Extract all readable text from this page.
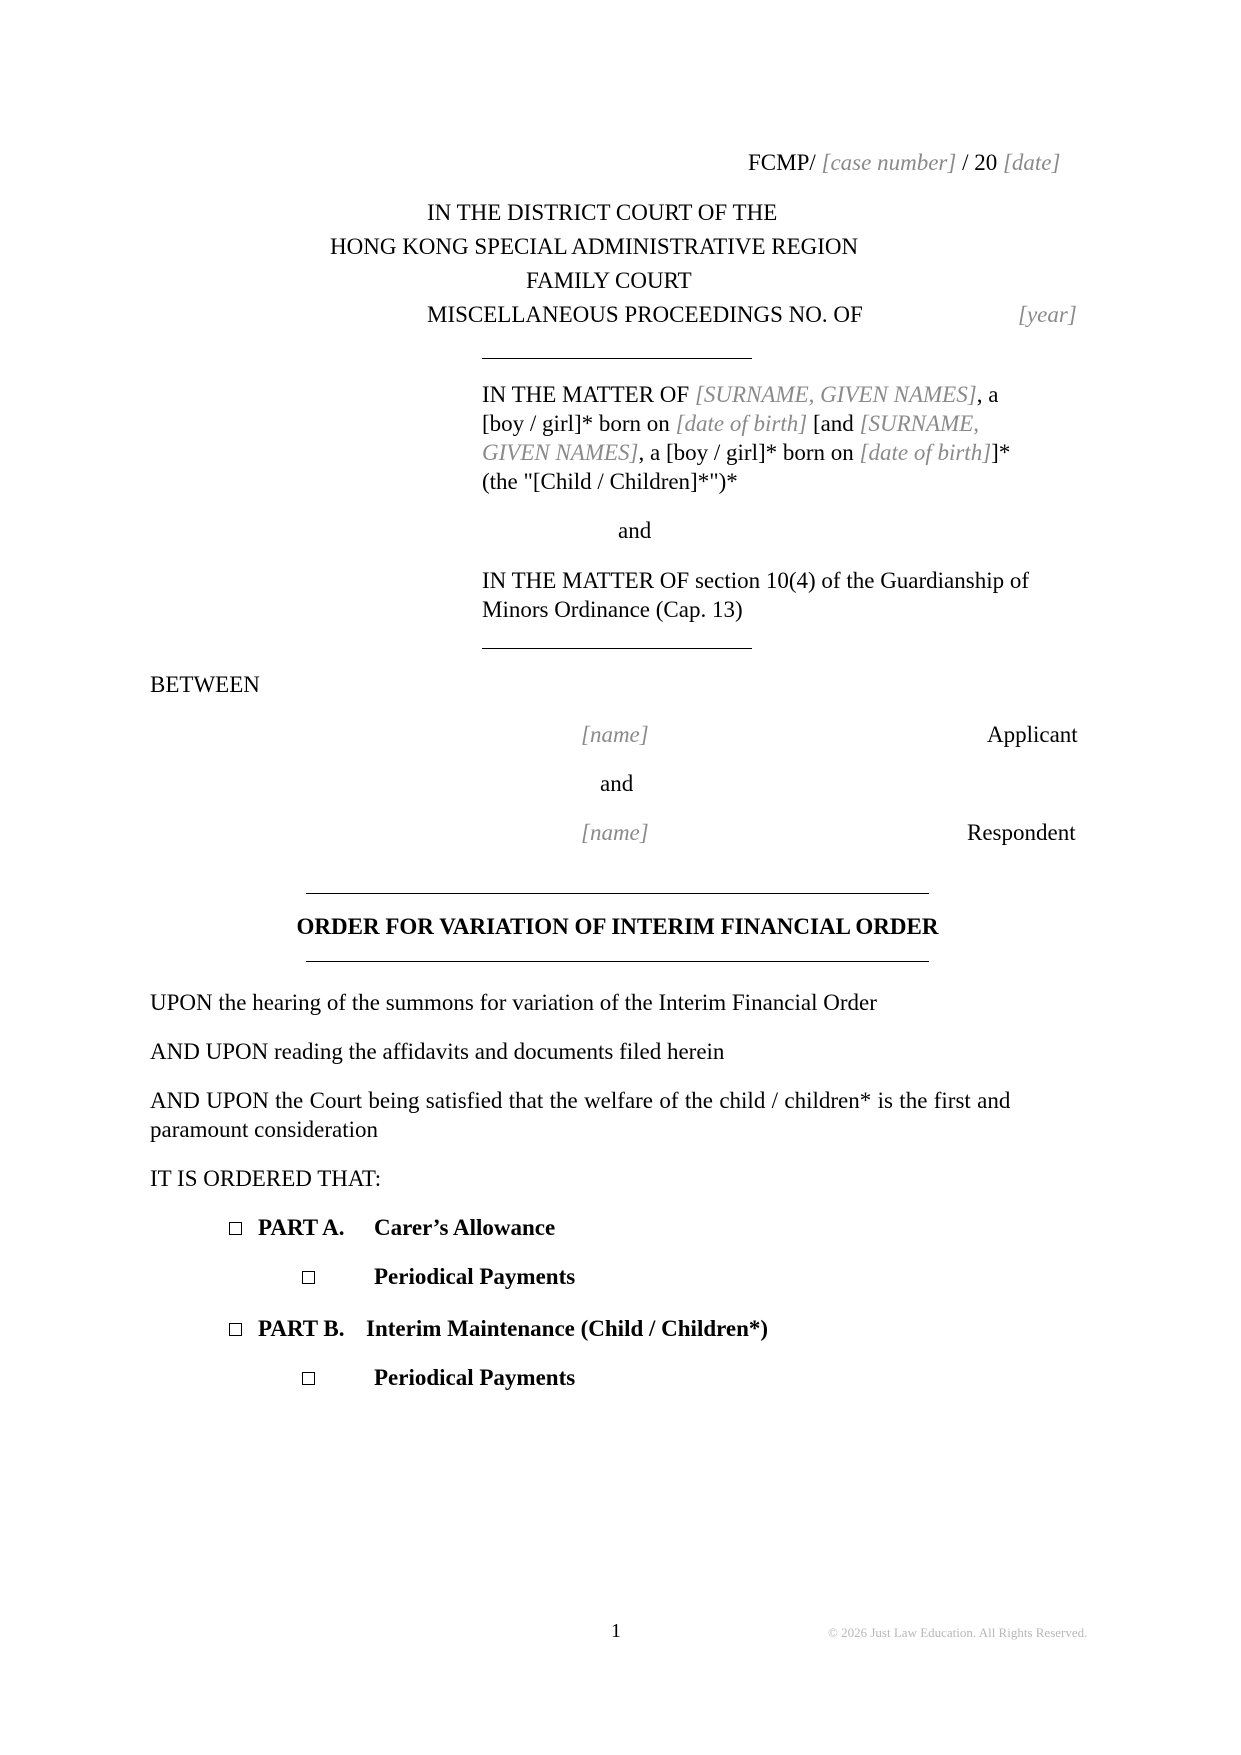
FCMP/ [case number] / 20 [date]
IN THE DISTRICT COURT OF THE
HONG KONG SPECIAL ADMINISTRATIVE REGION
FAMILY COURT
MISCELLANEOUS PROCEEDINGS NO. OF	[year]
IN THE MATTER OF [SURNAME, GIVEN NAMES], a
[boy / girl]* born on [date of birth] [and [SURNAME,
GIVEN NAMES], a [boy / girl]* born on [date of birth]]*
(the "[Child / Children]*")*
and
IN THE MATTER OF section 10(4) of the Guardianship of
Minors Ordinance (Cap. 13)
BETWEEN
[name]	Applicant
and
[name]	Respondent
ORDER FOR VARIATION OF INTERIM FINANCIAL ORDER
UPON the hearing of the summons for variation of the Interim Financial Order
AND UPON reading the affidavits and documents filed herein
AND UPON the Court being satisfied that the welfare of the child / children* is the first and
paramount consideration
IT IS ORDERED THAT:
PART A. Carer’s Allowance
Periodical Payments
PART B. Interim Maintenance (Child / Children*)
Periodical Payments
1	© 2026 Just Law Education. All Rights Reserved.
